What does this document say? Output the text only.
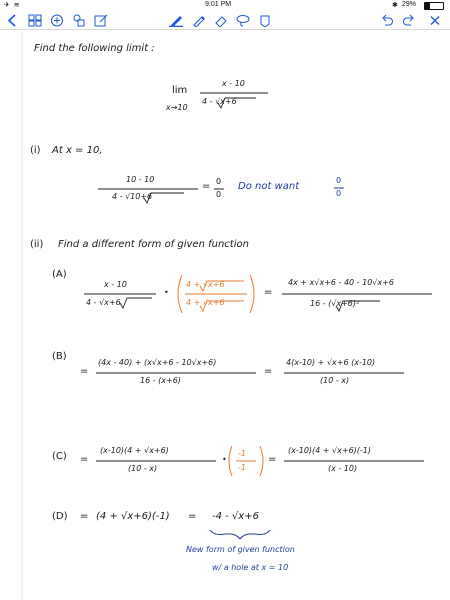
✈ ︎ ≋	9:01 PM	✱ 29%
Find the following limit :
lim
x→10
x - 10
4 - √x+6
(i) At x = 10,
10 - 10
4 - √10+6
= 0
0
Do not want
0
0
(ii) Find a different form of given function
(A)
x - 10
4 - √x+6
•
4 + √x+6
4 + √x+6
=
4x + x√x+6 - 40 - 10√x+6
16 - (√x+6)²
(B)
=
(4x - 40) + (x√x+6 - 10√x+6)
16 - (x+6)
=
4(x-10) + √x+6 (x-10)
(10 - x)
(C) =
(x-10)(4 + √x+6)
(10 - x)
•
-1
-1
=
(x-10)(4 + √x+6)(-1)
(x - 10)
(D) = (4 + √x+6)(-1) = -4 - √x+6
New form of given function
w/ a hole at x = 10
